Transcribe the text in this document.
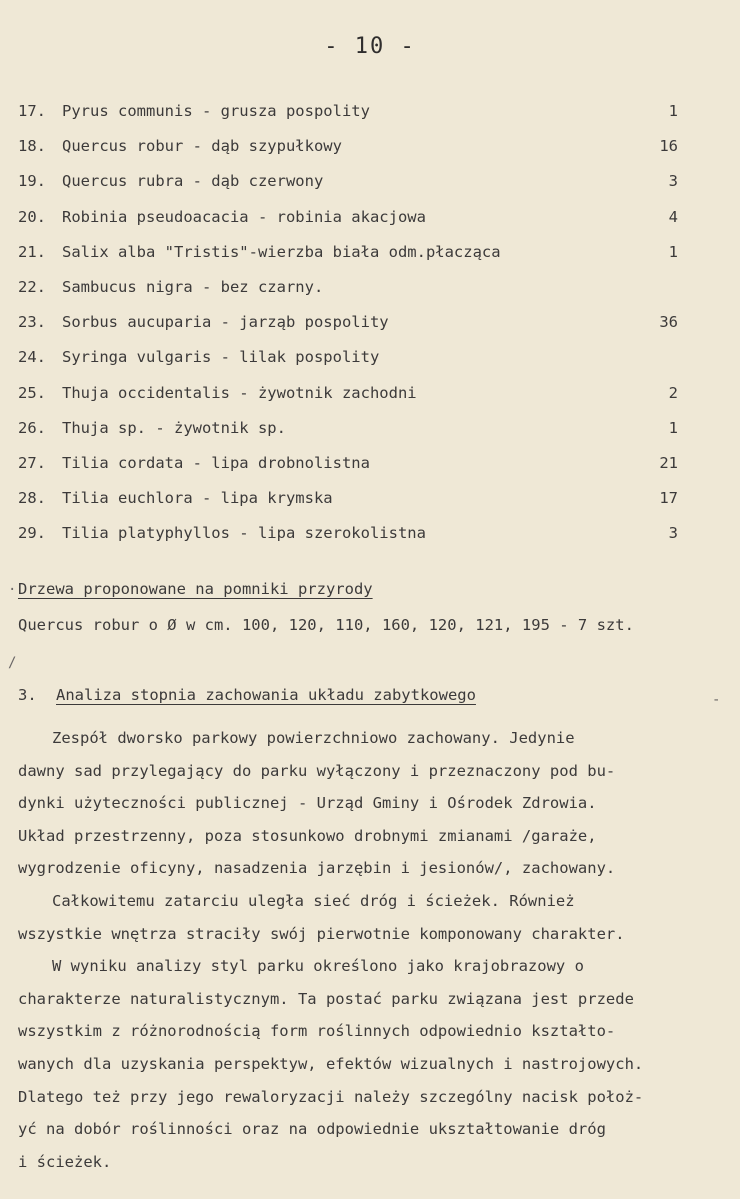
- 10 -
17. Pyrus communis - grusza pospolity	1
18. Quercus robur - dąb szypułkowy	16
19. Quercus rubra - dąb czerwony	3
20. Robinia pseudoacacia - robinia akacjowa	4
21. Salix alba "Tristis"-wierzba biała odm.płacząca	1
22. Sambucus nigra - bez czarny.
23. Sorbus aucuparia - jarząb pospolity	36
24. Syringa vulgaris - lilak pospolity
25. Thuja occidentalis - żywotnik zachodni	2
26. Thuja sp. - żywotnik sp.	1
27. Tilia cordata - lipa drobnolistna	21
28. Tilia euchlora - lipa krymska	17
29. Tilia platyphyllos - lipa szerokolistna	3
Drzewa proponowane na pomniki przyrody
Quercus robur o Ø w cm. 100, 120, 110, 160, 120, 121, 195 - 7 szt.
3. Analiza stopnia zachowania układu zabytkowego
Zespół dworsko parkowy powierzchniowo zachowany. Jedynie
dawny sad przylegający do parku wyłączony i przeznaczony pod bu-
dynki użyteczności publicznej - Urząd Gminy i Ośrodek Zdrowia.
Układ przestrzenny, poza stosunkowo drobnymi zmianami /garaże,
wygrodzenie oficyny, nasadzenia jarzębin i jesionów/, zachowany.
Całkowitemu zatarciu uległa sieć dróg i ścieżek. Również
wszystkie wnętrza straciły swój pierwotnie komponowany charakter.
W wyniku analizy styl parku określono jako krajobrazowy o
charakterze naturalistycznym. Ta postać parku związana jest przede
wszystkim z różnorodnością form roślinnych odpowiednio kształto-
wanych dla uzyskania perspektyw, efektów wizualnych i nastrojowych.
Dlatego też przy jego rewaloryzacji należy szczególny nacisk położ-
yć na dobór roślinności oraz na odpowiednie ukształtowanie dróg
i ścieżek.
·
/
-
